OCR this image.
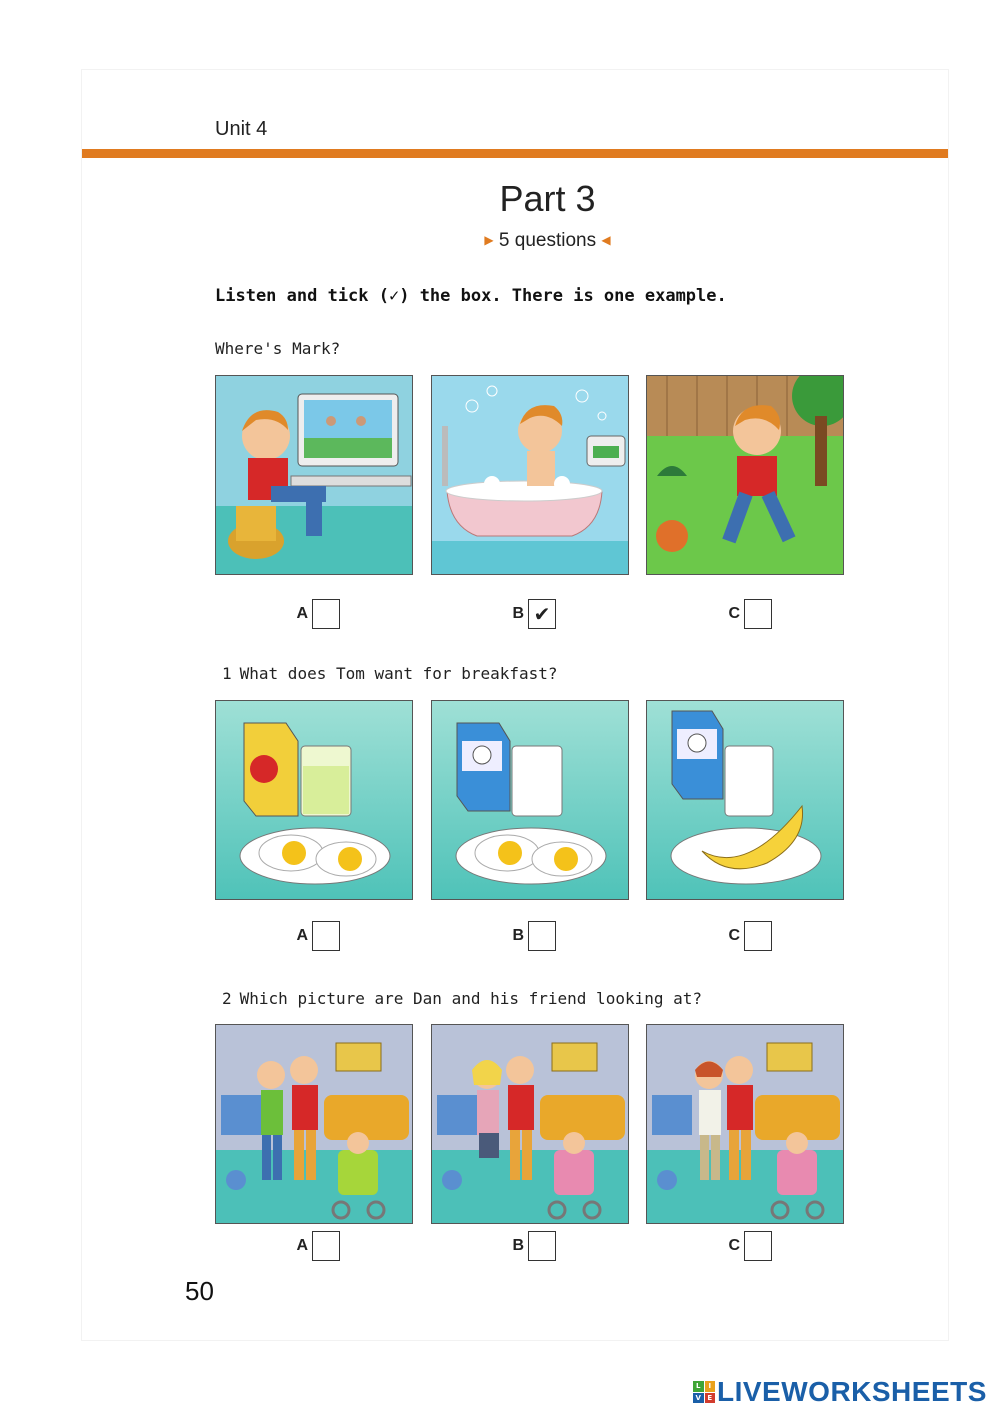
Unit 4
Part 3
▶ 5 questions ◀
Listen and tick (✓) the box. There is one example.
Where's Mark?
A	B ✔	C
1 What does Tom want for breakfast?
A	B	C
2 Which picture are Dan and his friend looking at?
A	B	C
50
L	I
V E LIVEWORKSHEETS
